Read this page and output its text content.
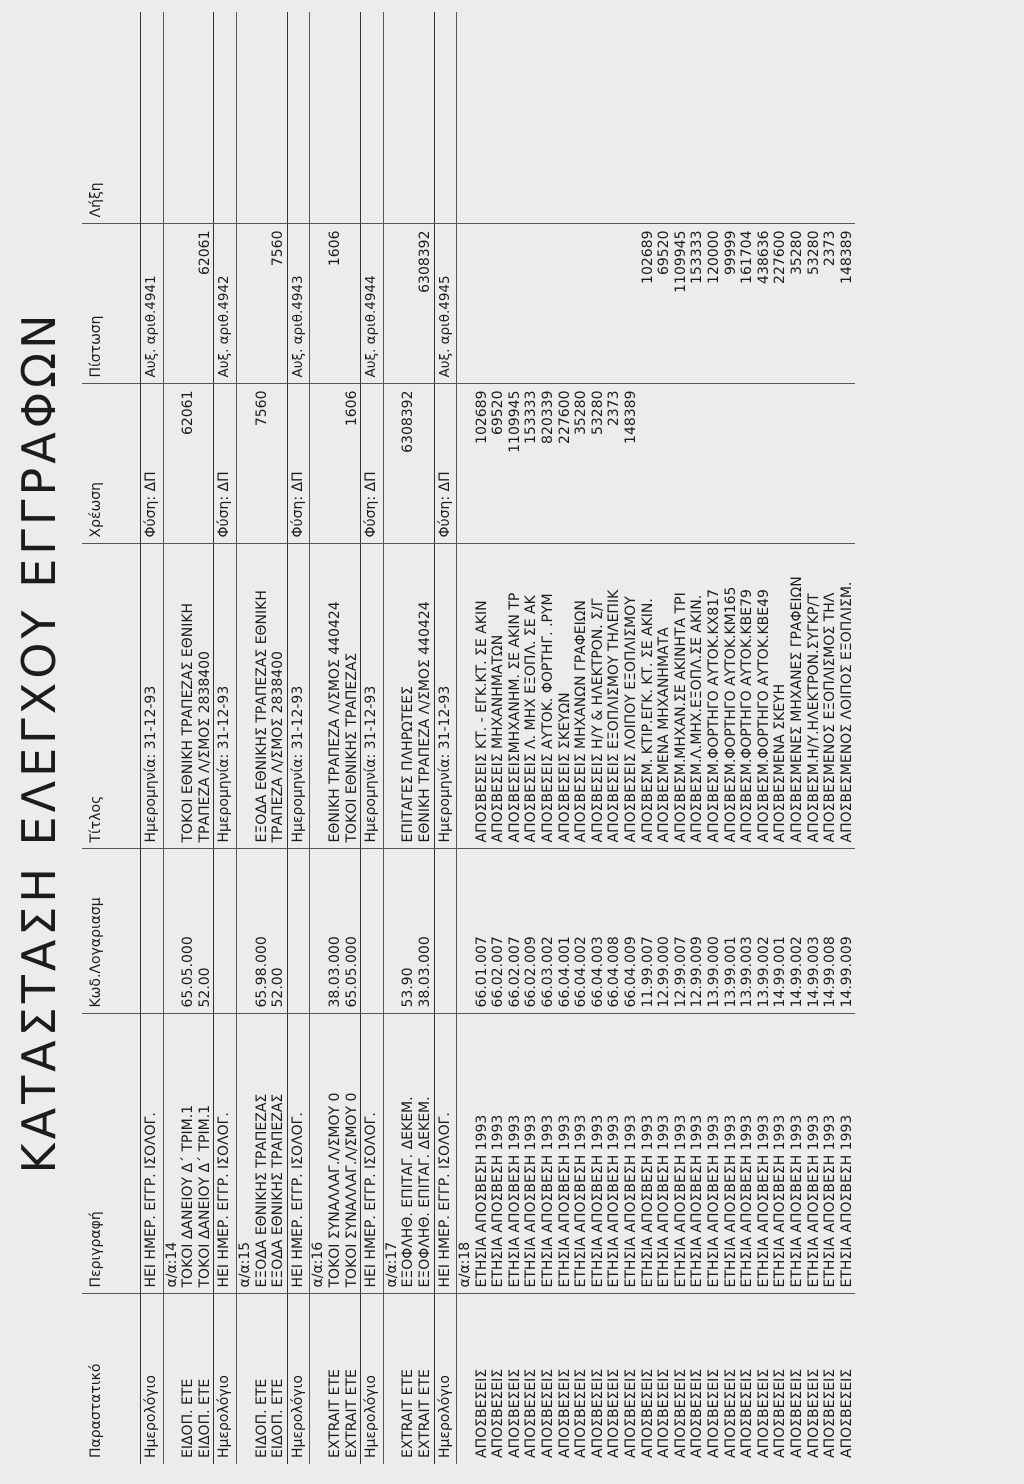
ΚΑΤΑΣΤΑΣΗ ΕΛΕΓΧΟΥ ΕΓΓΡΑΦΩΝ
Παραστατικό	Περιγραφή	Κωδ.Λογαριασμ	Τίτλος	Χρέωση	Πίστωση	Λήξη
Ημερολόγιο	ΗΕΙ ΗΜΕΡ. ΕΓΓΡ. ΙΣΟΛΟΓ.		Ημερομηνία: 31-12-93	Φύση: ΔΠ	Αυξ. αριθ.4941	
	α/α:14					
ΕΙΔΟΠ. ΕΤΕ	ΤΟΚΟΙ ΔΑΝΕΙΟΥ Δ΄ ΤΡΙΜ.1	65.05.000	ΤΟΚΟΙ ΕΘΝΙΚΗ ΤΡΑΠΕΖΑΣ ΕΘΝΙΚΗ	62061		
ΕΙΔΟΠ. ΕΤΕ	ΤΟΚΟΙ ΔΑΝΕΙΟΥ Δ΄ ΤΡΙΜ.1	52.00	ΤΡΑΠΕΖΑ Λ/ΣΜΟΣ 2838400		62061	
Ημερολόγιο	ΗΕΙ ΗΜΕΡ. ΕΓΓΡ. ΙΣΟΛΟΓ.		Ημερομηνία: 31-12-93	Φύση: ΔΠ	Αυξ. αριθ.4942	
	α/α:15					
ΕΙΔΟΠ. ΕΤΕ	ΕΞΟΔΑ ΕΘΝΙΚΗΣ ΤΡΑΠΕΖΑΣ	65.98.000	ΕΞΟΔΑ ΕΘΝΙΚΗΣ ΤΡΑΠΕΖΑΣ ΕΘΝΙΚΗ	7560		
ΕΙΔΟΠ. ΕΤΕ	ΕΞΟΔΑ ΕΘΝΙΚΗΣ ΤΡΑΠΕΖΑΣ	52.00	ΤΡΑΠΕΖΑ Λ/ΣΜΟΣ 2838400		7560	
Ημερολόγιο	ΗΕΙ ΗΜΕΡ. ΕΓΓΡ. ΙΣΟΛΟΓ.		Ημερομηνία: 31-12-93	Φύση: ΔΠ	Αυξ. αριθ.4943	
	α/α:16					
EXTRAIT ETE	ΤΟΚΟΙ ΣΥΝΑΛΛΑΓ.Λ/ΣΜΟΥ 0	38.03.000	ΕΘΝΙΚΗ ΤΡΑΠΕΖΑ Λ/ΣΜΟΣ 440424		1606	
EXTRAIT ETE	ΤΟΚΟΙ ΣΥΝΑΛΛΑΓ.Λ/ΣΜΟΥ 0	65.05.000	ΤΟΚΟΙ ΕΘΝΙΚΗΣ ΤΡΑΠΕΖΑΣ	1606		
Ημερολόγιο	ΗΕΙ ΗΜΕΡ. ΕΓΓΡ. ΙΣΟΛΟΓ.		Ημερομηνία: 31-12-93	Φύση: ΔΠ	Αυξ. αριθ.4944	
	α/α:17					
EXTRAIT ETE	ΕΞΟΦΛΗΘ. ΕΠΙΤΑΓ. ΔΕΚΕΜ.	53.90	ΕΠΙΤΑΓΕΣ ΠΛΗΡΩΤΕΕΣ	6308392		
EXTRAIT ETE	ΕΞΟΦΛΗΘ. ΕΠΙΤΑΓ. ΔΕΚΕΜ.	38.03.000	ΕΘΝΙΚΗ ΤΡΑΠΕΖΑ Λ/ΣΜΟΣ 440424		6308392	
Ημερολόγιο	ΗΕΙ ΗΜΕΡ. ΕΓΓΡ. ΙΣΟΛΟΓ.		Ημερομηνία: 31-12-93	Φύση: ΔΠ	Αυξ. αριθ.4945	
	α/α:18					
ΑΠΟΣΒΕΣΕΙΣ	ΕΤΗΣΙΑ ΑΠΟΣΒΕΣΗ 1993	66.01.007	ΑΠΟΣΒΕΣΕΙΣ ΚΤ. - ΕΓΚ.ΚΤ. ΣΕ ΑΚΙΝ	102689		
ΑΠΟΣΒΕΣΕΙΣ	ΕΤΗΣΙΑ ΑΠΟΣΒΕΣΗ 1993	66.02.007	ΑΠΟΣΒΕΣΕΙΣ ΜΗΧΑΝΗΜΑΤΩΝ	69520		
ΑΠΟΣΒΕΣΕΙΣ	ΕΤΗΣΙΑ ΑΠΟΣΒΕΣΗ 1993	66.02.007	ΑΠΟΣΒΕΣΕΙΣΜΗΧΑΝΗΜ. ΣΕ ΑΚΙΝ ΤΡ	1109945		
ΑΠΟΣΒΕΣΕΙΣ	ΕΤΗΣΙΑ ΑΠΟΣΒΕΣΗ 1993	66.02.009	ΑΠΟΣΒΕΣΕΙΣ Λ. ΜΗΧ ΕΞΟΠΛ. ΣΕ ΑΚ	153333		
ΑΠΟΣΒΕΣΕΙΣ	ΕΤΗΣΙΑ ΑΠΟΣΒΕΣΗ 1993	66.03.002	ΑΠΟΣΒΕΣΕΙΣ ΑΥΤΟΚ. ΦΟΡΤΗΓ. .ΡΥΜ	820339		
ΑΠΟΣΒΕΣΕΙΣ	ΕΤΗΣΙΑ ΑΠΟΣΒΕΣΗ 1993	66.04.001	ΑΠΟΣΒΕΣΕΙΣ ΣΚΕΥΩΝ	227600		
ΑΠΟΣΒΕΣΕΙΣ	ΕΤΗΣΙΑ ΑΠΟΣΒΕΣΗ 1993	66.04.002	ΑΠΟΣΒΕΣΕΙΣ ΜΗΧΑΝΩΝ ΓΡΑΦΕΙΩΝ	35280		
ΑΠΟΣΒΕΣΕΙΣ	ΕΤΗΣΙΑ ΑΠΟΣΒΕΣΗ 1993	66.04.003	ΑΠΟΣΒΕΣΕΙΣ Η/Υ & ΗΛΕΚΤΡΟΝ. Σ/Γ	53280		
ΑΠΟΣΒΕΣΕΙΣ	ΕΤΗΣΙΑ ΑΠΟΣΒΕΣΗ 1993	66.04.008	ΑΠΟΣΒΕΣΕΙΣ ΕΞΟΠΛΙΣΜΟΥ ΤΗΛΕΠΙΚ	2373		
ΑΠΟΣΒΕΣΕΙΣ	ΕΤΗΣΙΑ ΑΠΟΣΒΕΣΗ 1993	66.04.009	ΑΠΟΣΒΕΣΕΙΣ ΛΟΙΠΟΥ ΕΞΟΠΛΙΣΜΟΥ	148389		
ΑΠΟΣΒΕΣΕΙΣ	ΕΤΗΣΙΑ ΑΠΟΣΒΕΣΗ 1993	11.99.007	ΑΠΟΣΒΕΣΜ. ΚΤΙΡ.ΕΓΚ. ΚΤ. ΣΕ ΑΚΙΝ.		102689	
ΑΠΟΣΒΕΣΕΙΣ	ΕΤΗΣΙΑ ΑΠΟΣΒΕΣΗ 1993	12.99.000	ΑΠΟΣΒΕΣΜΕΝΑ ΜΗΧΑΝΗΜΑΤΑ		69520	
ΑΠΟΣΒΕΣΕΙΣ	ΕΤΗΣΙΑ ΑΠΟΣΒΕΣΗ 1993	12.99.007	ΑΠΟΣΒΕΣΜ.ΜΗΧΑΝ.ΣΕ ΑΚΙΝΗΤΑ ΤΡΙ		1109945	
ΑΠΟΣΒΕΣΕΙΣ	ΕΤΗΣΙΑ ΑΠΟΣΒΕΣΗ 1993	12.99.009	ΑΠΟΣΒΕΣΜ.Λ.ΜΗΧ.ΕΞΟΠΛ.ΣΕ ΑΚΙΝ.		153333	
ΑΠΟΣΒΕΣΕΙΣ	ΕΤΗΣΙΑ ΑΠΟΣΒΕΣΗ 1993	13.99.000	ΑΠΟΣΒΕΣΜ.ΦΟΡΤΗΓΟ ΑΥΤΟΚ.ΚΧ817		120000	
ΑΠΟΣΒΕΣΕΙΣ	ΕΤΗΣΙΑ ΑΠΟΣΒΕΣΗ 1993	13.99.001	ΑΠΟΣΒΕΣΜ.ΦΟΡΤΗΓΟ ΑΥΤΟΚ.ΚΜ165		99999	
ΑΠΟΣΒΕΣΕΙΣ	ΕΤΗΣΙΑ ΑΠΟΣΒΕΣΗ 1993	13.99.003	ΑΠΟΣΒΕΣΜ.ΦΟΡΤΗΓΟ ΑΥΤΟΚ.ΚΒΕ79		161704	
ΑΠΟΣΒΕΣΕΙΣ	ΕΤΗΣΙΑ ΑΠΟΣΒΕΣΗ 1993	13.99.002	ΑΠΟΣΒΕΣΜ.ΦΟΡΤΗΓΟ ΑΥΤΟΚ.ΚΒΕ49		438636	
ΑΠΟΣΒΕΣΕΙΣ	ΕΤΗΣΙΑ ΑΠΟΣΒΕΣΗ 1993	14.99.001	ΑΠΟΣΒΕΣΜΕΝΑ ΣΚΕΥΗ		227600	
ΑΠΟΣΒΕΣΕΙΣ	ΕΤΗΣΙΑ ΑΠΟΣΒΕΣΗ 1993	14.99.002	ΑΠΟΣΒΕΣΜΕΝΕΣ ΜΗΧΑΝΕΣ ΓΡΑΦΕΙΩΝ		35280	
ΑΠΟΣΒΕΣΕΙΣ	ΕΤΗΣΙΑ ΑΠΟΣΒΕΣΗ 1993	14.99.003	ΑΠΟΣΒΕΣΜ.Η/Υ.ΗΛΕΚΤΡΟΝ.ΣΥΓΚΡ/Τ		53280	
ΑΠΟΣΒΕΣΕΙΣ	ΕΤΗΣΙΑ ΑΠΟΣΒΕΣΗ 1993	14.99.008	ΑΠΟΣΒΕΣΜΕΝΟΣ ΕΞΟΠΛΙΣΜΟΣ ΤΗΛ		2373	
ΑΠΟΣΒΕΣΕΙΣ	ΕΤΗΣΙΑ ΑΠΟΣΒΕΣΗ 1993	14.99.009	ΑΠΟΣΒΕΣΜΕΝΟΣ ΛΟΙΠΟΣ ΕΞΟΠΛΙΣΜ.		148389	
